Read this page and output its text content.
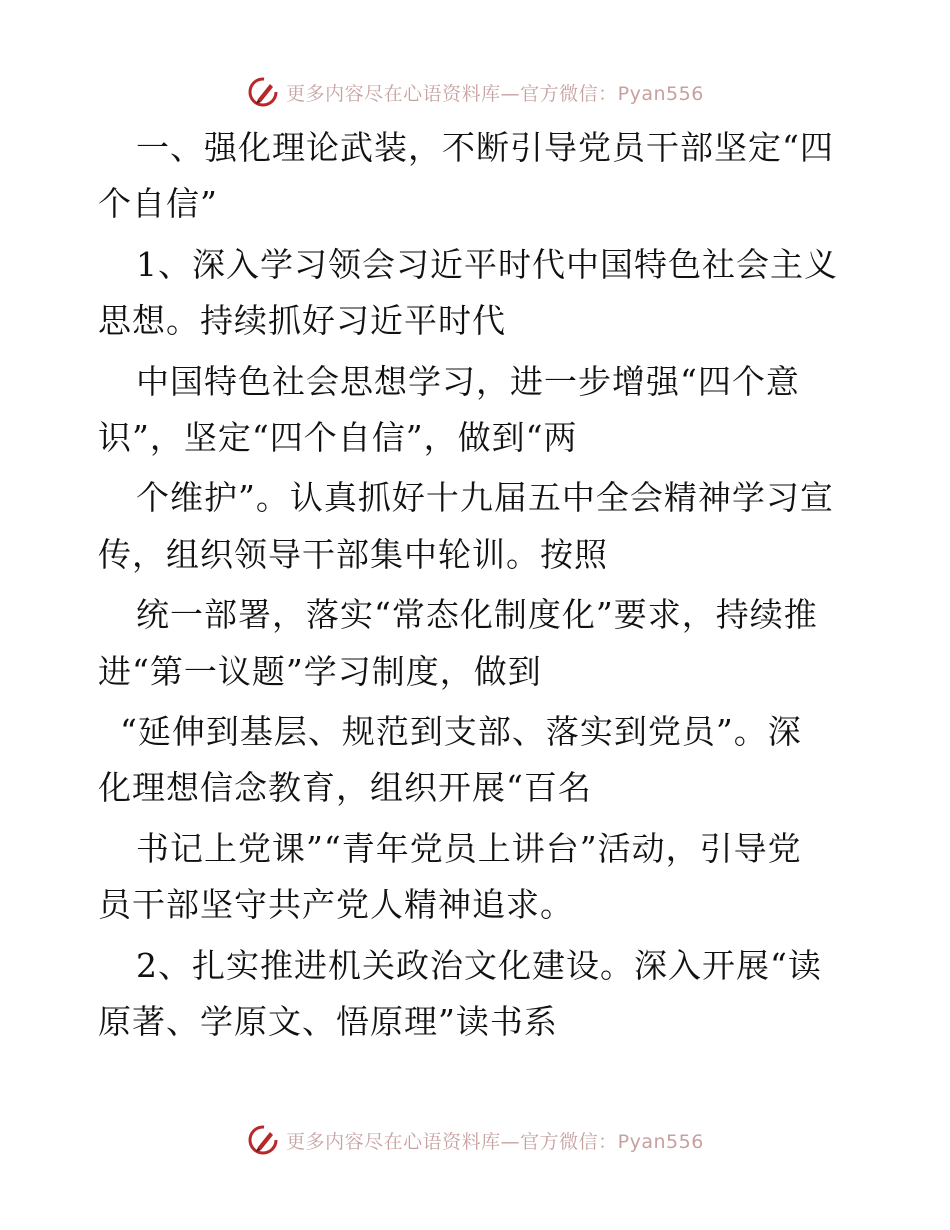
更多内容尽在心语资料库—官方微信：Pyan556
一、强化理论武装，不断引导党员干部坚定“四
个自信”
1、深入学习领会习近平时代中国特色社会主义
思想。持续抓好习近平时代
中国特色社会思想学习，进一步增强“四个意
识”，坚定“四个自信”，做到“两
个维护”。认真抓好十九届五中全会精神学习宣
传，组织领导干部集中轮训。按照
统一部署，落实“常态化制度化”要求，持续推
进“第一议题”学习制度，做到
“延伸到基层、规范到支部、落实到党员”。深
化理想信念教育，组织开展“百名
书记上党课”“青年党员上讲台”活动，引导党
员干部坚守共产党人精神追求。
2、扎实推进机关政治文化建设。深入开展“读
原著、学原文、悟原理”读书系
更多内容尽在心语资料库—官方微信：Pyan556
